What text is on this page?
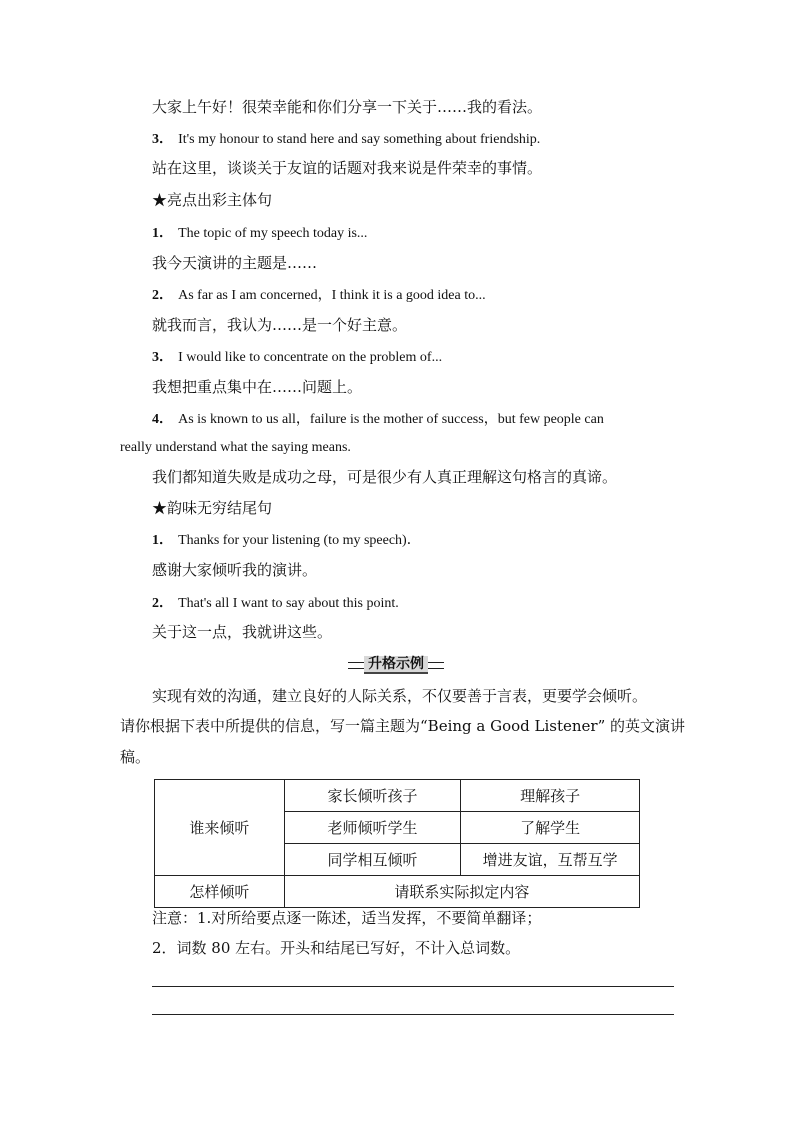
大家上午好！很荣幸能和你们分享一下关于……我的看法。
3． It's my honour to stand here and say something about friendship.
站在这里，谈谈关于友谊的话题对我来说是件荣幸的事情。
★亮点出彩主体句
1． The topic of my speech today is...
我今天演讲的主题是……
2． As far as I am concerned，I think it is a good idea to...
就我而言，我认为……是一个好主意。
3． I would like to concentrate on the problem of...
我想把重点集中在……问题上。
4． As is known to us all，failure is the mother of success，but few people can
really understand what the saying means.
我们都知道失败是成功之母，可是很少有人真正理解这句格言的真谛。
★韵味无穷结尾句
1． Thanks for your listening (to my speech)．
感谢大家倾听我的演讲。
2． That's all I want to say about this point.
关于这一点，我就讲这些。
升格示例
实现有效的沟通，建立良好的人际关系，不仅要善于言表，更要学会倾听。
请你根据下表中所提供的信息，写一篇主题为“Being a Good Listener” 的英文演讲
稿。
谁来倾听	家长倾听孩子	理解孩子
	老师倾听学生	了解学生
	同学相互倾听	增进友谊，互帮互学
怎样倾听	请联系实际拟定内容	
注意：1.对所给要点逐一陈述，适当发挥，不要简单翻译；
2．词数 80 左右。开头和结尾已写好，不计入总词数。
